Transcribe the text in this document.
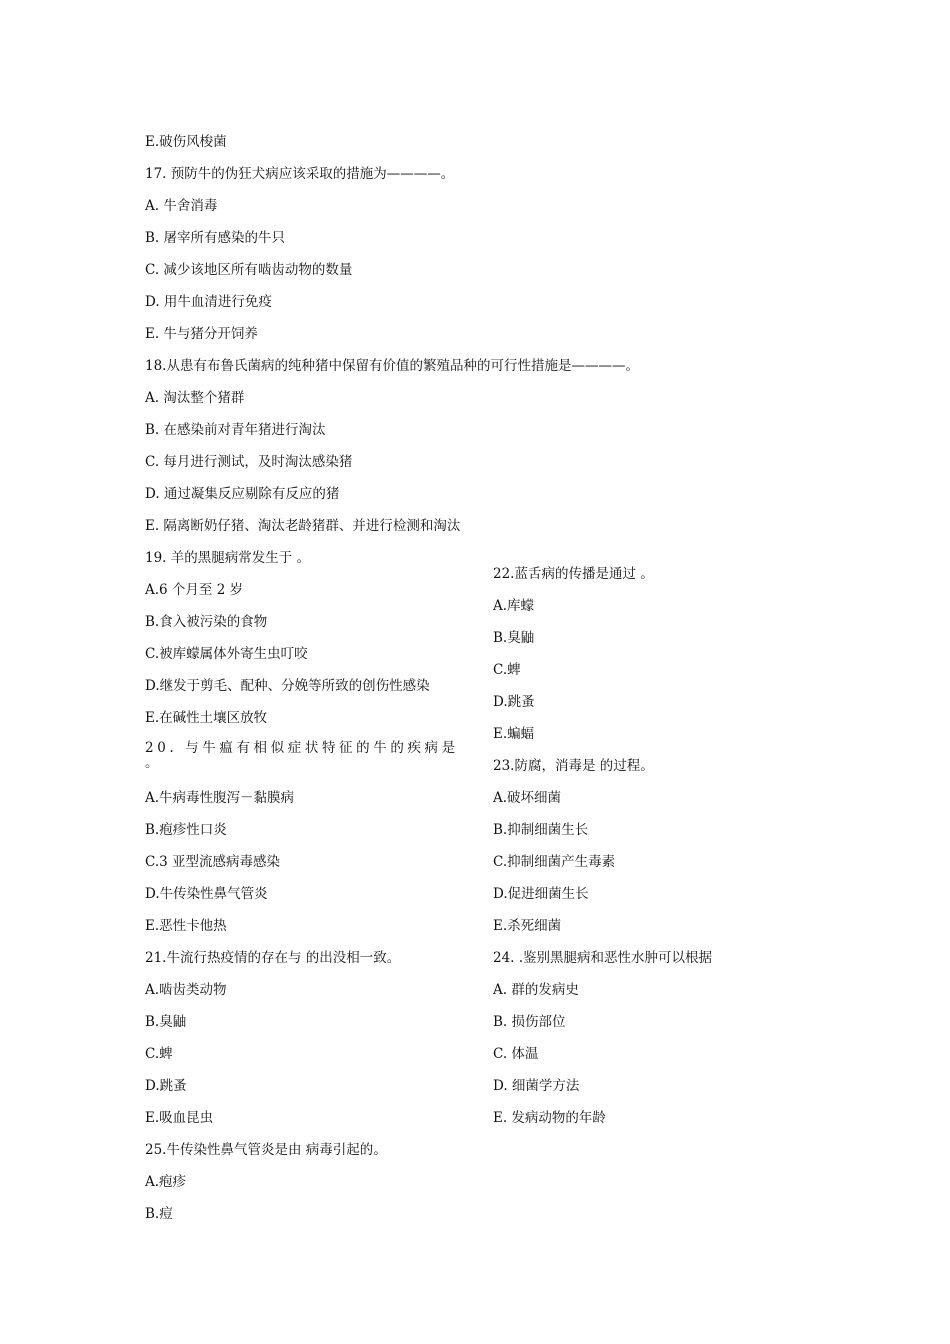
E.破伤风梭菌
17. 预防牛的伪狂犬病应该采取的措施为————。
A. 牛舍消毒
B. 屠宰所有感染的牛只
C. 减少该地区所有啮齿动物的数量
D. 用牛血清进行免疫
E. 牛与猪分开饲养
18.从患有布鲁氏菌病的纯种猪中保留有价值的繁殖品种的可行性措施是————。
A. 淘汰整个猪群
B. 在感染前对青年猪进行淘汰
C. 每月进行测试，及时淘汰感染猪
D. 通过凝集反应剔除有反应的猪
E. 隔离断奶仔猪、淘汰老龄猪群、并进行检测和淘汰
19. 羊的黑腿病常发生于 。
A.6 个月至 2 岁
B.食入被污染的食物
C.被库蠓属体外寄生虫叮咬
D.继发于剪毛、配种、分娩等所致的创伤性感染
E.在碱性土壤区放牧
20. 与牛瘟有相似症状特征的牛的疾病是 。
A.牛病毒性腹泻－黏膜病
B.疱疹性口炎
C.3 亚型流感病毒感染
D.牛传染性鼻气管炎
E.恶性卡他热
21.牛流行热疫情的存在与 的出没相一致。
A.啮齿类动物
B.臭鼬
C.蜱
D.跳蚤
E.吸血昆虫
25.牛传染性鼻气管炎是由 病毒引起的。
A.疱疹
B.痘
22.蓝舌病的传播是通过 。
A.库蠓
B.臭鼬
C.蜱
D.跳蚤
E.蝙蝠
23.防腐，消毒是 的过程。
A.破坏细菌
B.抑制细菌生长
C.抑制细菌产生毒素
D.促进细菌生长
E.杀死细菌
24. .鉴别黑腿病和恶性水肿可以根据
A. 群的发病史
B. 损伤部位
C. 体温
D. 细菌学方法
E. 发病动物的年龄
